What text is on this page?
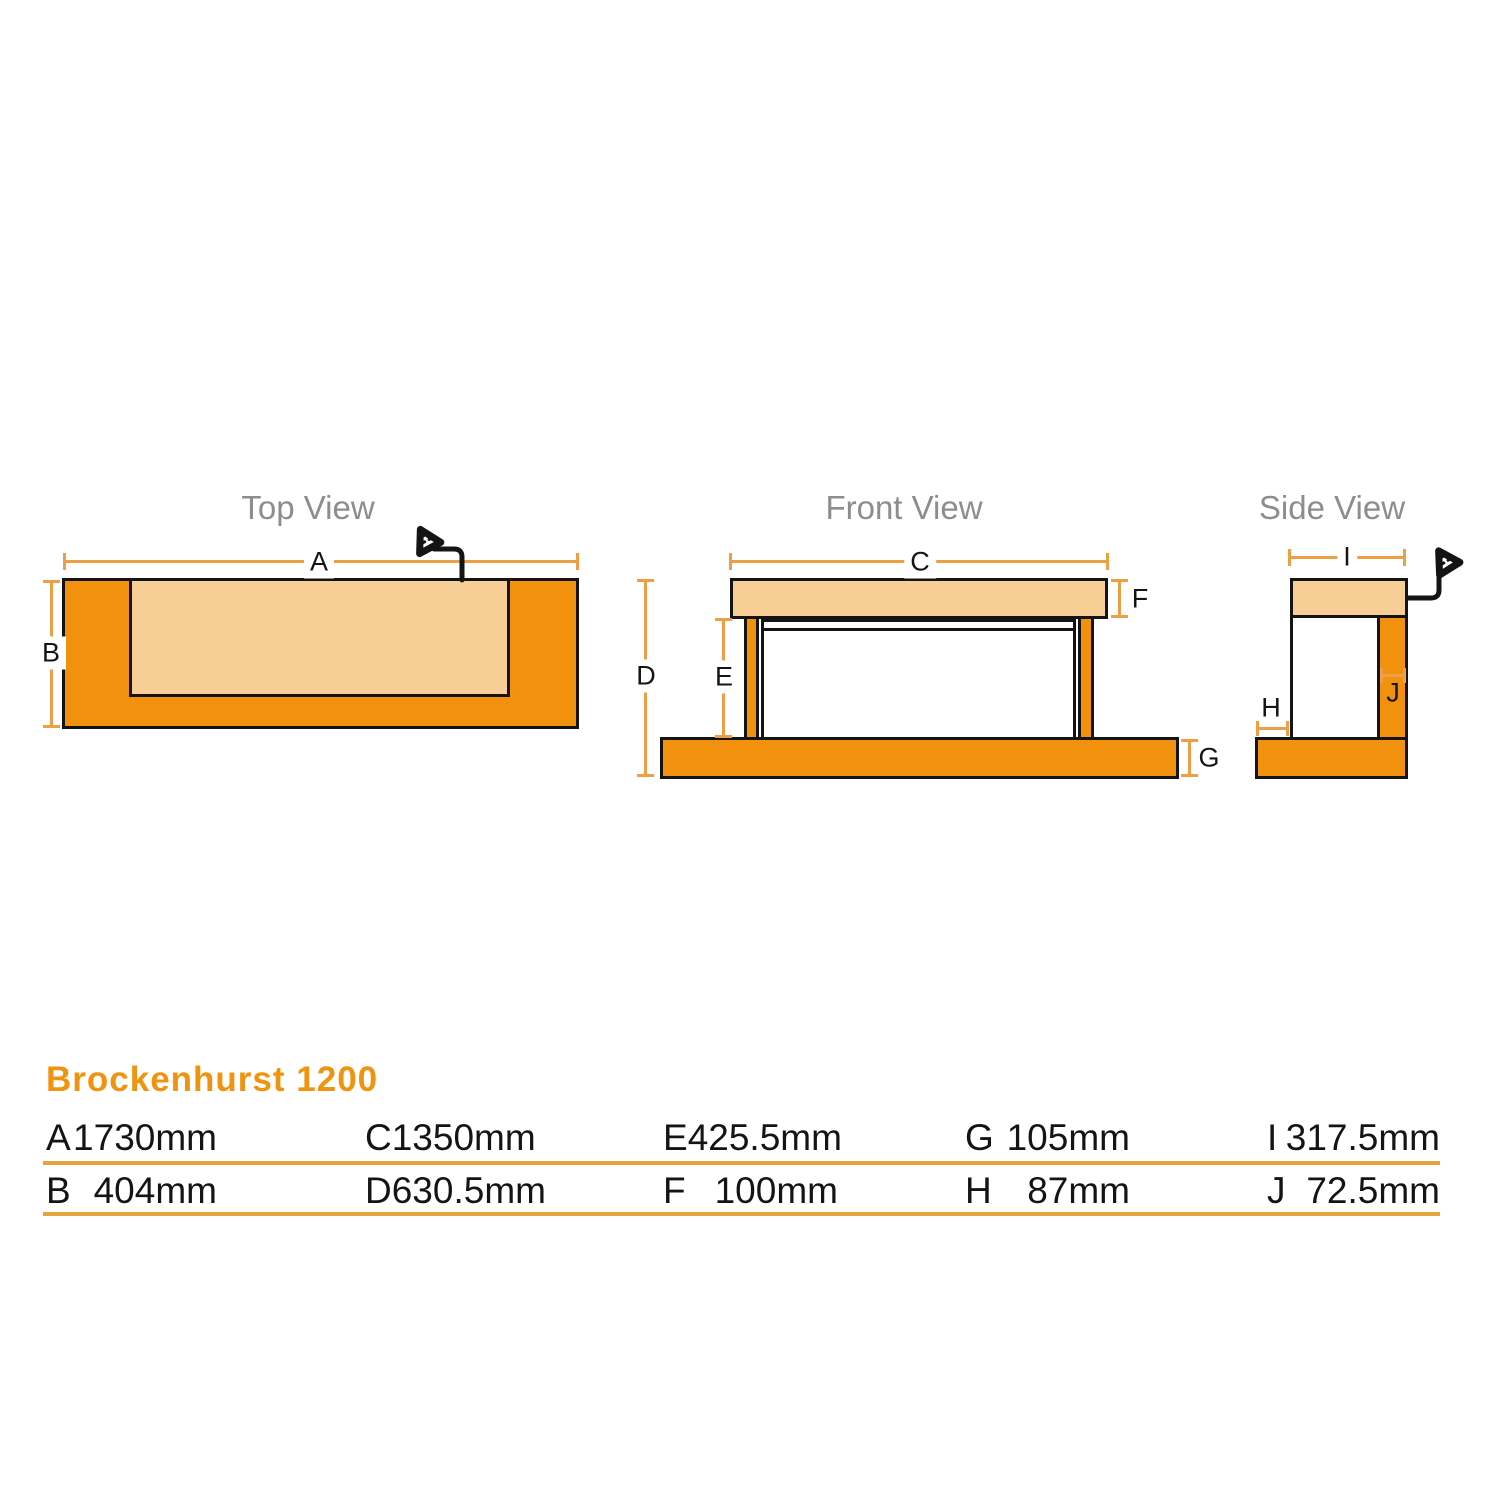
Top View	Front View	Side View
A
B
C
D E
F
G
I
J
H
Brockenhurst 1200
A 1730mm	C 1350mm	E 425.5mm	G 105mm	I 317.5mm
B 404mm	D 630.5mm	F 100mm	H 87mm	J 72.5mm
